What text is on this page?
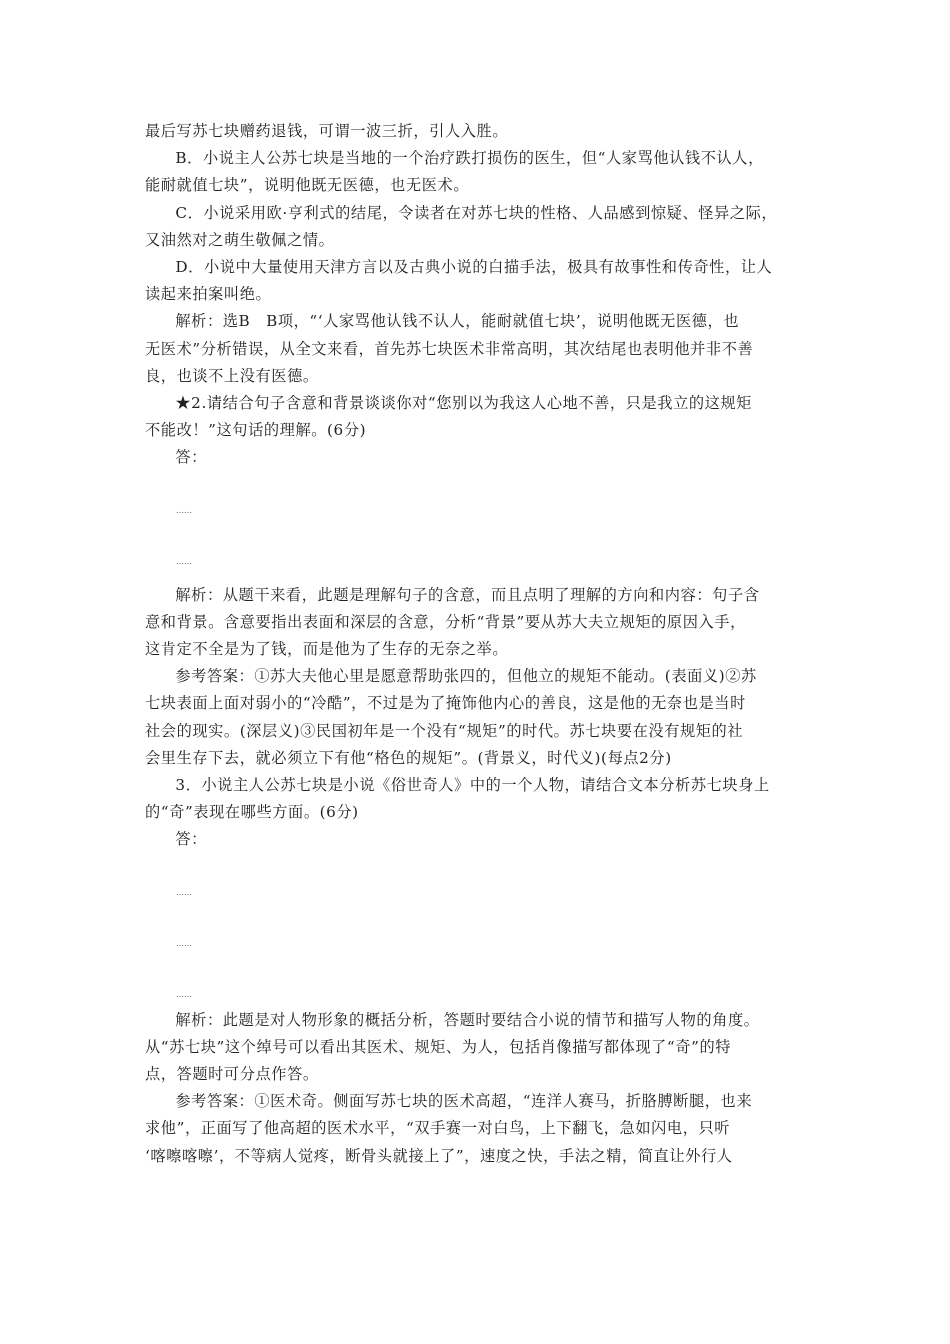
最后写苏七块赠药退钱，可谓一波三折，引人入胜。

B．小说主人公苏七块是当地的一个治疗跌打损伤的医生，但“人家骂他认钱不认人，
能耐就值七块”，说明他既无医德，也无医术。

C．小说采用欧·亨利式的结尾，令读者在对苏七块的性格、人品感到惊疑、怪异之际，
又油然对之萌生敬佩之情。

D．小说中大量使用天津方言以及古典小说的白描手法，极具有故事性和传奇性，让人
读起来拍案叫绝。

解析：选B　B项，“‘人家骂他认钱不认人，能耐就值七块’，说明他既无医德，也
无医术”分析错误，从全文来看，首先苏七块医术非常高明，其次结尾也表明他并非不善
良，也谈不上没有医德。

★2.请结合句子含意和背景谈谈你对“您别以为我这人心地不善，只是我立的这规矩
不能改！”这句话的理解。(6分)

答：

……
……

解析：从题干来看，此题是理解句子的含意，而且点明了理解的方向和内容：句子含
意和背景。含意要指出表面和深层的含意，分析“背景”要从苏大夫立规矩的原因入手，
这肯定不全是为了钱，而是他为了生存的无奈之举。

参考答案：①苏大夫他心里是愿意帮助张四的，但他立的规矩不能动。(表面义)②苏
七块表面上面对弱小的“冷酷”，不过是为了掩饰他内心的善良，这是他的无奈也是当时
社会的现实。(深层义)③民国初年是一个没有“规矩”的时代。苏七块要在没有规矩的社
会里生存下去，就必须立下有他“格色的规矩”。(背景义，时代义)(每点2分)

3．小说主人公苏七块是小说《俗世奇人》中的一个人物，请结合文本分析苏七块身上
的“奇”表现在哪些方面。(6分)

答：

……
……
……

解析：此题是对人物形象的概括分析，答题时要结合小说的情节和描写人物的角度。
从“苏七块”这个绰号可以看出其医术、规矩、为人，包括肖像描写都体现了“奇”的特
点，答题时可分点作答。

参考答案：①医术奇。侧面写苏七块的医术高超，“连洋人赛马，折胳膊断腿，也来
求他”，正面写了他高超的医术水平，“双手赛一对白鸟，上下翻飞，急如闪电，只听
‘喀嚓喀嚓’，不等病人觉疼，断骨头就接上了”，速度之快，手法之精，简直让外行人
